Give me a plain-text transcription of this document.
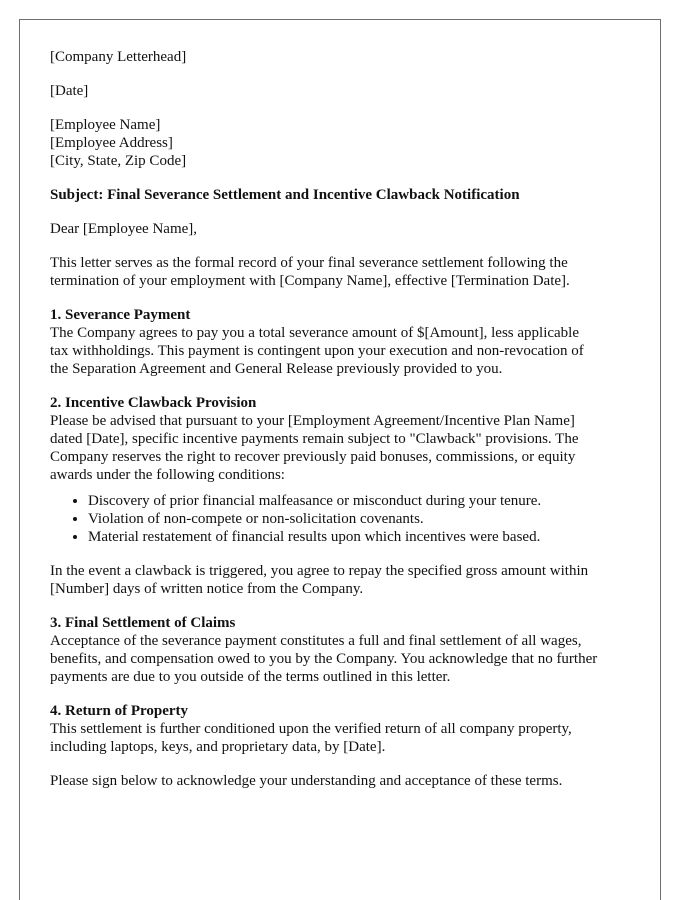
[Company Letterhead]
[Date]
[Employee Name]
[Employee Address]
[City, State, Zip Code]
Subject: Final Severance Settlement and Incentive Clawback Notification
Dear [Employee Name],
This letter serves as the formal record of your final severance settlement following the
termination of your employment with [Company Name], effective [Termination Date].
1. Severance Payment
The Company agrees to pay you a total severance amount of $[Amount], less applicable
tax withholdings. This payment is contingent upon your execution and non-revocation of
the Separation Agreement and General Release previously provided to you.
2. Incentive Clawback Provision
Please be advised that pursuant to your [Employment Agreement/Incentive Plan Name]
dated [Date], specific incentive payments remain subject to "Clawback" provisions. The
Company reserves the right to recover previously paid bonuses, commissions, or equity
awards under the following conditions:
• Discovery of prior financial malfeasance or misconduct during your tenure.
• Violation of non-compete or non-solicitation covenants.
• Material restatement of financial results upon which incentives were based.
In the event a clawback is triggered, you agree to repay the specified gross amount within
[Number] days of written notice from the Company.
3. Final Settlement of Claims
Acceptance of the severance payment constitutes a full and final settlement of all wages,
benefits, and compensation owed to you by the Company. You acknowledge that no further
payments are due to you outside of the terms outlined in this letter.
4. Return of Property
This settlement is further conditioned upon the verified return of all company property,
including laptops, keys, and proprietary data, by [Date].
Please sign below to acknowledge your understanding and acceptance of these terms.
